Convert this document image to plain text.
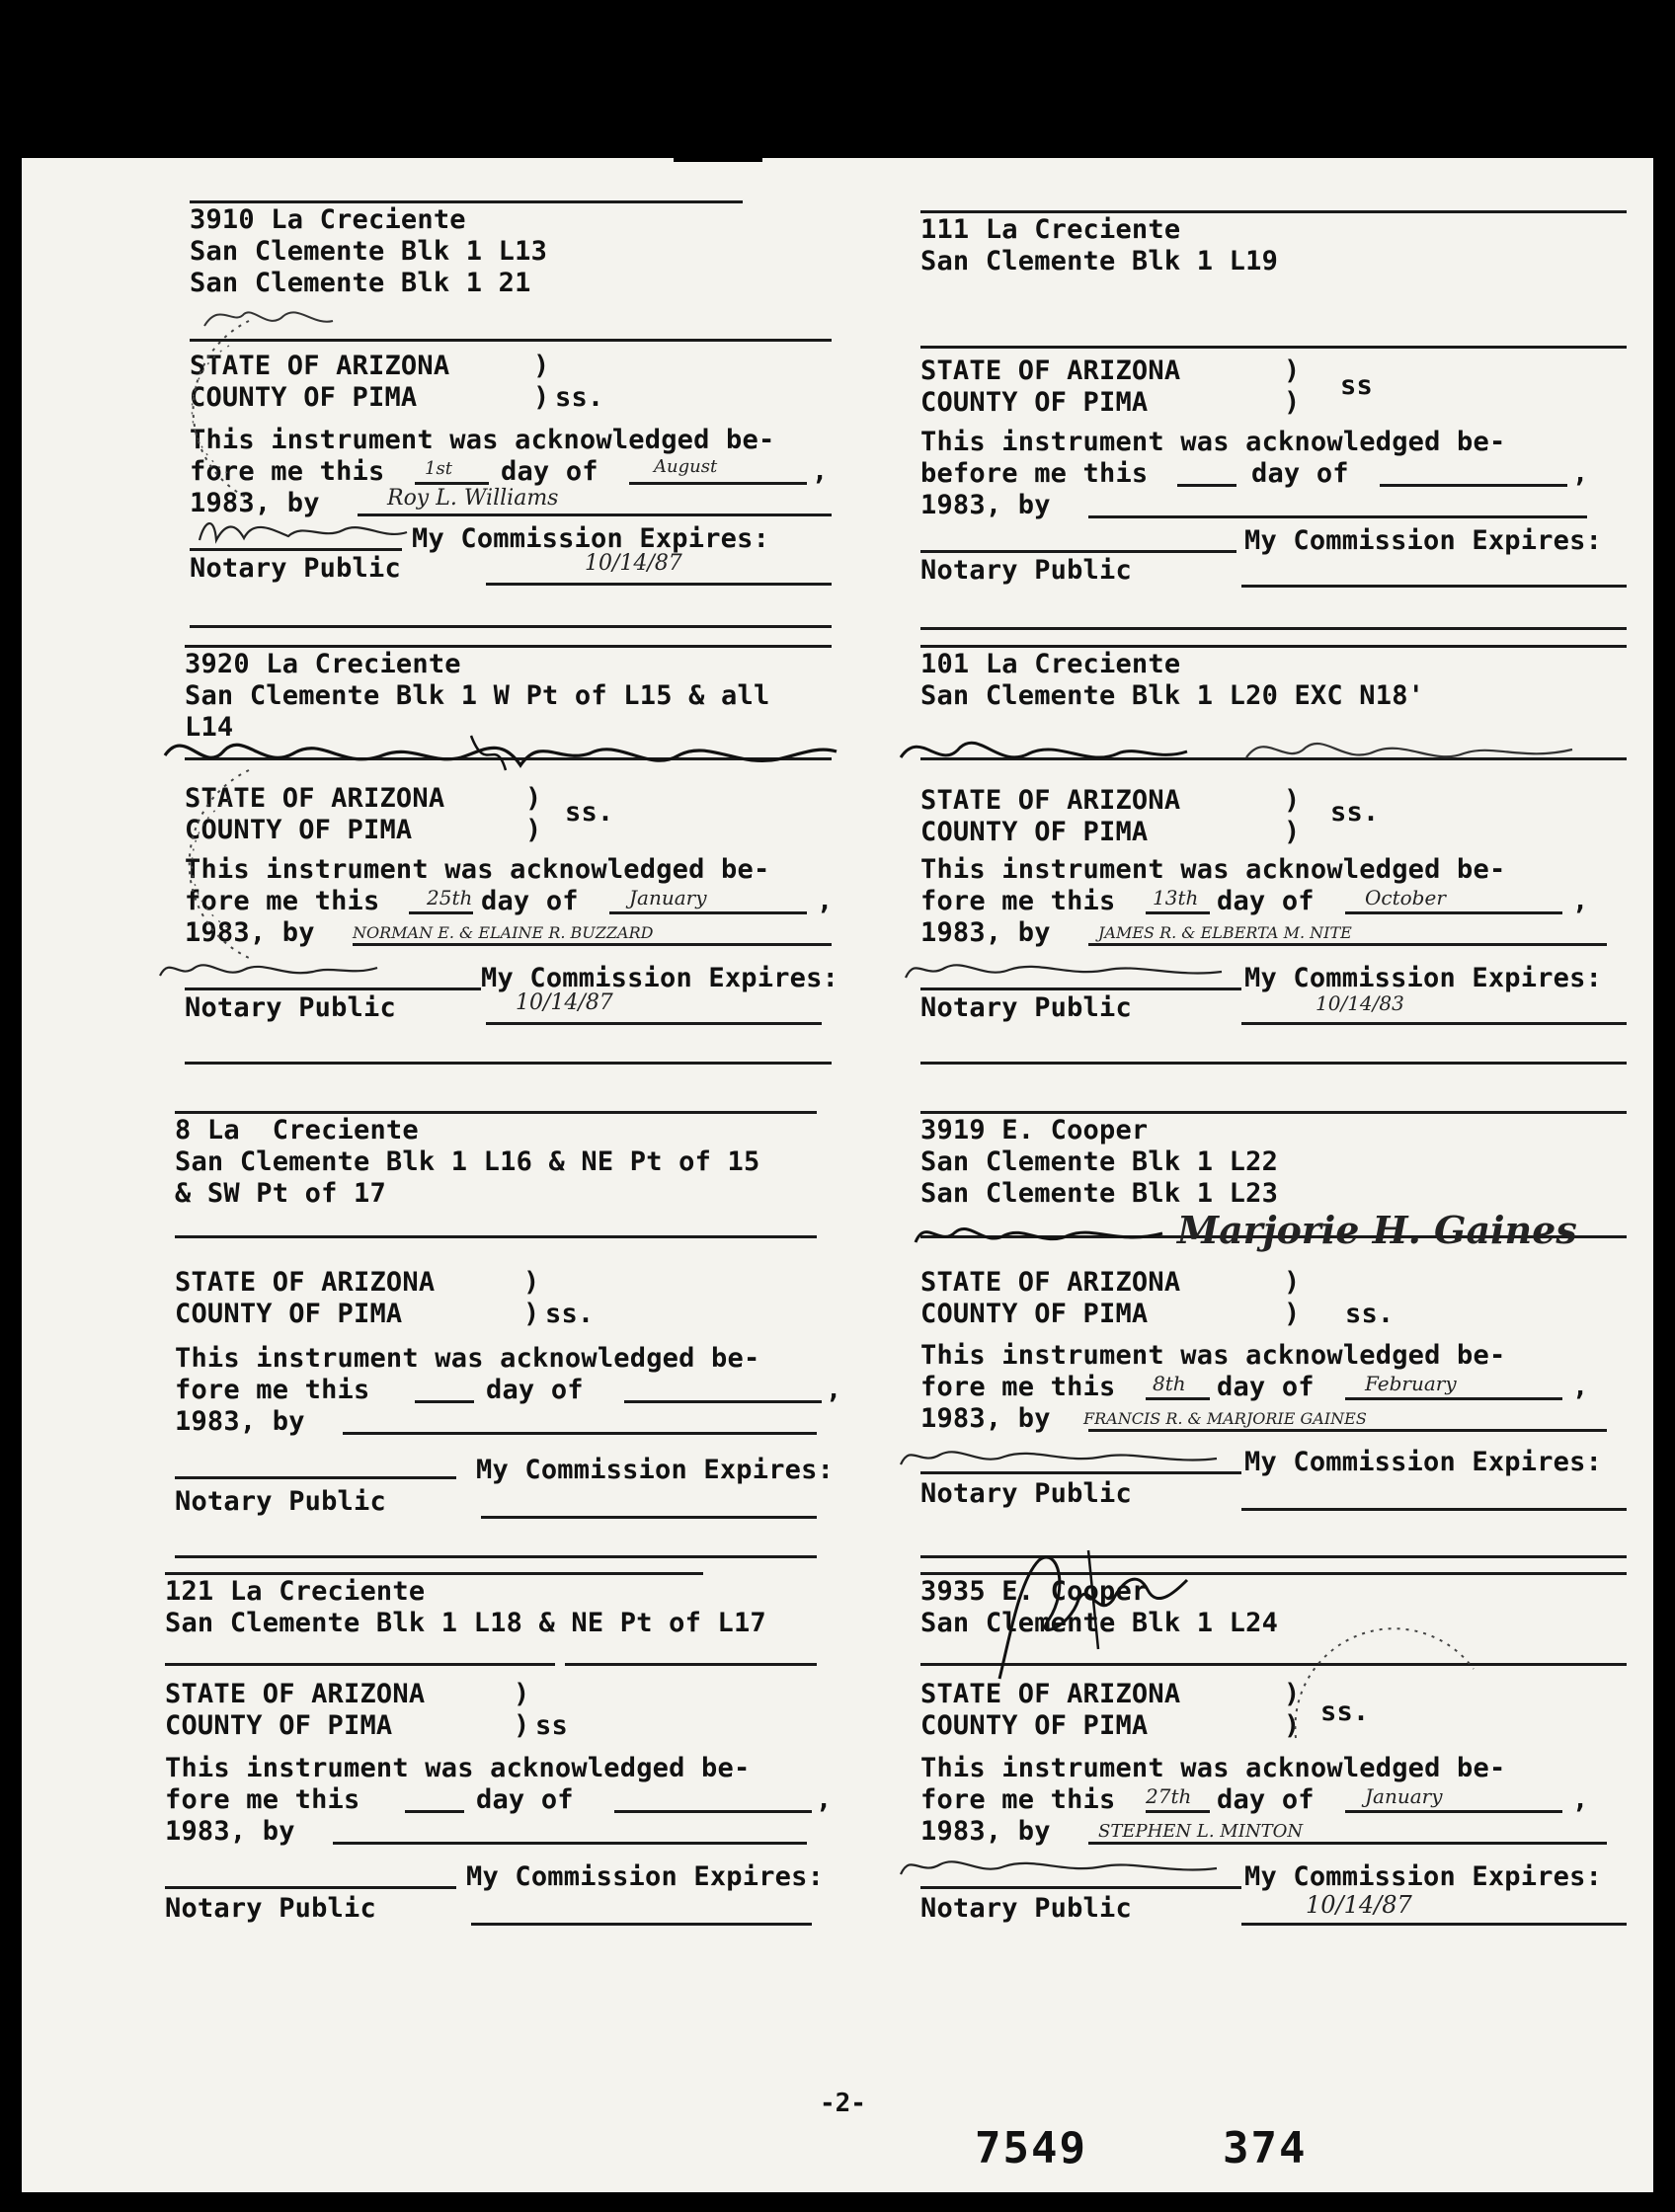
3910 La Creciente
San Clemente Blk 1 L13
San Clemente Blk 1 21
STATE OF ARIZONA	)
COUNTY OF PIMA	) ss.
This instrument was acknowledged be-
fore me this	day of	,
1983, by
My Commission Expires:
Notary Public
1st	August
Roy L. Williams
10/14/87
111 La Creciente
San Clemente Blk 1 L19
STATE OF ARIZONA	)
COUNTY OF PIMA	)
ss
This instrument was acknowledged be-
before me this	day of	,
1983, by
My Commission Expires:
Notary Public
3920 La Creciente
San Clemente Blk 1 W Pt of L15 & all
L14
STATE OF ARIZONA	)
COUNTY OF PIMA	)
ss.
This instrument was acknowledged be-
fore me this	day of	,
1983, by
My Commission Expires:
Notary Public
25th	January
NORMAN E. & ELAINE R. BUZZARD
10/14/87
101 La Creciente
San Clemente Blk 1 L20 EXC N18'
STATE OF ARIZONA	)
COUNTY OF PIMA	)
ss.
This instrument was acknowledged be-
fore me this	day of	,
1983, by
My Commission Expires:
Notary Public
13th	October
JAMES R. & ELBERTA M. NITE
10/14/83
8 La  Creciente
San Clemente Blk 1 L16 & NE Pt of 15
& SW Pt of 17
STATE OF ARIZONA	)
COUNTY OF PIMA	) ss.
This instrument was acknowledged be-
fore me this	day of	,
1983, by
My Commission Expires:
Notary Public
3919 E. Cooper
San Clemente Blk 1 L22
San Clemente Blk 1 L23
STATE OF ARIZONA	)
COUNTY OF PIMA	) ss.
This instrument was acknowledged be-
fore me this	day of	,
1983, by
My Commission Expires:
Notary Public
8th	February
FRANCIS R. & MARJORIE GAINES
Marjorie H. Gaines
121 La Creciente
San Clemente Blk 1 L18 & NE Pt of L17
STATE OF ARIZONA	)
COUNTY OF PIMA	) ss
This instrument was acknowledged be-
fore me this	day of	,
1983, by
My Commission Expires:
Notary Public
3935 E. Cooper
San Clemente Blk 1 L24
STATE OF ARIZONA	)
COUNTY OF PIMA	) ss.
This instrument was acknowledged be-
fore me this	day of	,
1983, by
My Commission Expires:
Notary Public
27th	January
STEPHEN L. MINTON
10/14/87
-2-
7549	374
